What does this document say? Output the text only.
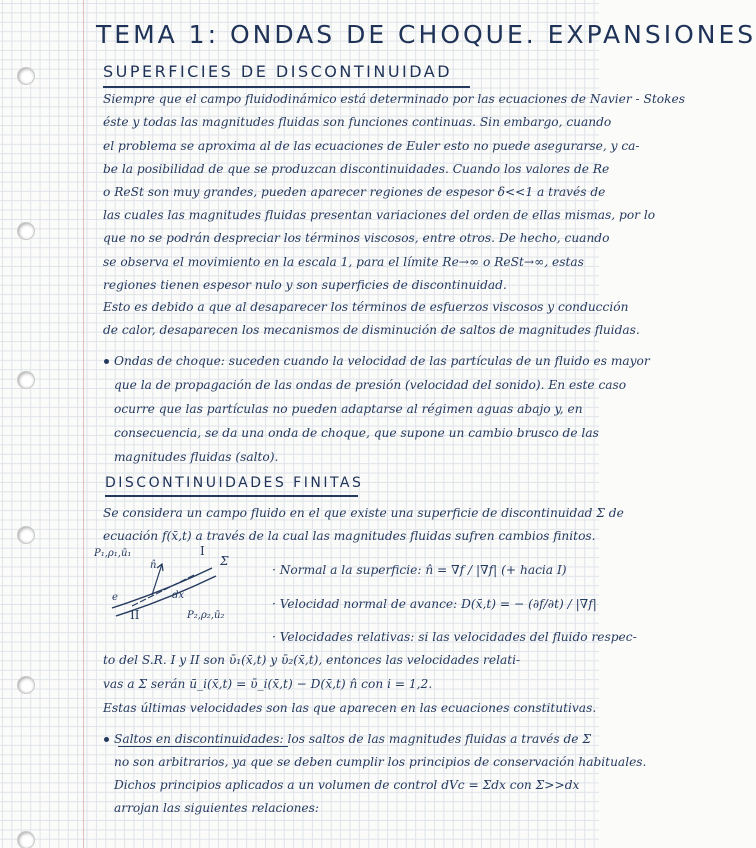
TEMA 1: ONDAS DE CHOQUE. EXPANSIONES
SUPERFICIES DE DISCONTINUIDAD
Siempre que el campo fluidodinámico está determinado por las ecuaciones de Navier - Stokes
éste y todas las magnitudes fluidas son funciones continuas. Sin embargo, cuando
el problema se aproxima al de las ecuaciones de Euler esto no puede asegurarse, y ca-
be la posibilidad de que se produzcan discontinuidades. Cuando los valores de Re
o ReSt son muy grandes, pueden aparecer regiones de espesor δ<<1 a través de
las cuales las magnitudes fluidas presentan variaciones del orden de ellas mismas, por lo
que no se podrán despreciar los términos viscosos, entre otros. De hecho, cuando
se observa el movimiento en la escala 1, para el límite Re→∞ o ReSt→∞, estas
regiones tienen espesor nulo y son superficies de discontinuidad.
Esto es debido a que al desaparecer los términos de esfuerzos viscosos y conducción
de calor, desaparecen los mecanismos de disminución de saltos de magnitudes fluidas.
Ondas de choque: suceden cuando la velocidad de las partículas de un fluido es mayor
que la de propagación de las ondas de presión (velocidad del sonido). En este caso
ocurre que las partículas no pueden adaptarse al régimen aguas abajo y, en
consecuencia, se da una onda de choque, que supone un cambio brusco de las
magnitudes fluidas (salto).
DISCONTINUIDADES FINITAS
Se considera un campo fluido en el que existe una superficie de discontinuidad Σ de
ecuación f(x̄,t) a través de la cual las magnitudes fluidas sufren cambios finitos.
P₁,ρ₁,ū₁	I
Σ
n̂
e
II
dx
P₂,ρ₂,ū₂
· Normal a la superficie: n̂ = ∇f / |∇f| (+ hacia I)
· Velocidad normal de avance: D(x̄,t) = − (∂f/∂t) / |∇f|
· Velocidades relativas: si las velocidades del fluido respec-
to del S.R. I y II son ῡ₁(x̄,t) y ῡ₂(x̄,t), entonces las velocidades relati-
vas a Σ serán ū_i(x̄,t) = ῡ_i(x̄,t) − D(x̄,t) n̂ con i = 1,2.
Estas últimas velocidades son las que aparecen en las ecuaciones constitutivas.
Saltos en discontinuidades: los saltos de las magnitudes fluidas a través de Σ
no son arbitrarios, ya que se deben cumplir los principios de conservación habituales.
Dichos principios aplicados a un volumen de control dVc = Σdx con Σ>>dx
arrojan las siguientes relaciones:
